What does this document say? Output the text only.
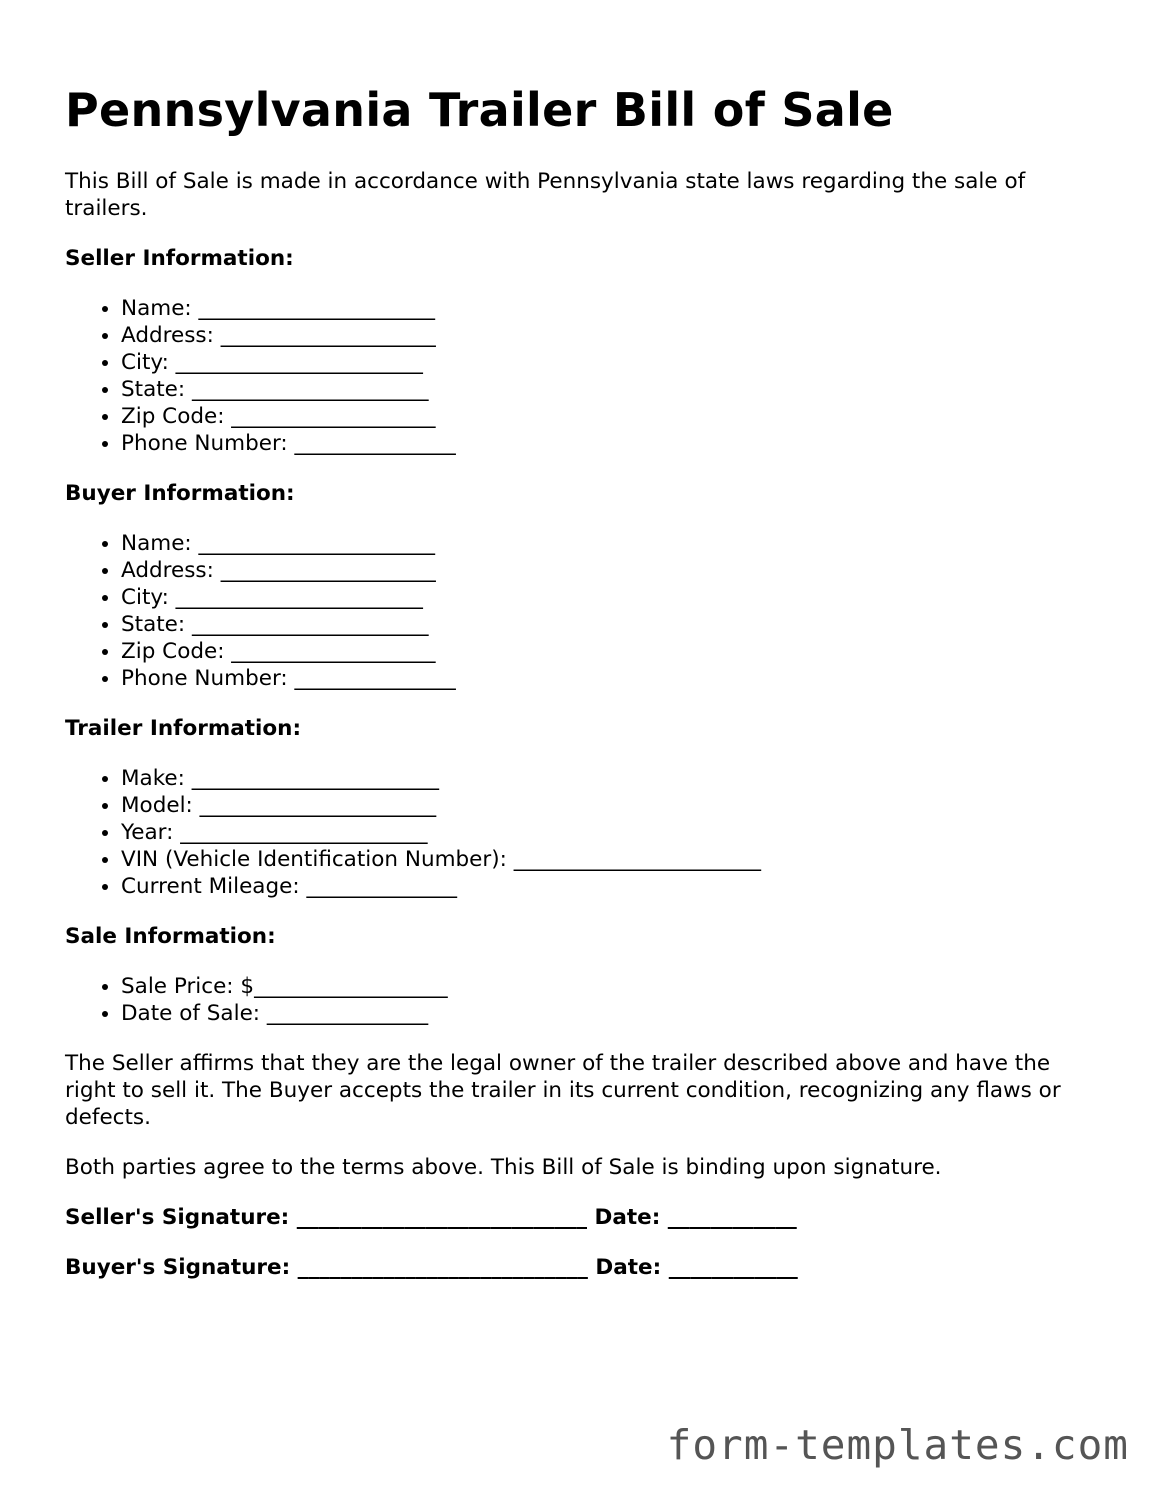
Pennsylvania Trailer Bill of Sale

This Bill of Sale is made in accordance with Pennsylvania state laws regarding the sale of trailers.

Seller Information:
• Name: ______________________
• Address: ____________________
• City: _______________________
• State: ______________________
• Zip Code: ___________________
• Phone Number: _______________
Buyer Information:
• Name: ______________________
• Address: ____________________
• City: _______________________
• State: ______________________
• Zip Code: ___________________
• Phone Number: _______________
Trailer Information:
• Make: _______________________
• Model: ______________________
• Year: _______________________
• VIN (Vehicle Identification Number): _______________________
• Current Mileage: ______________
Sale Information:
• Sale Price: $__________________
• Date of Sale: _______________

The Seller affirms that they are the legal owner of the trailer described above and have the right to sell it. The Buyer accepts the trailer in its current condition, recognizing any flaws or defects.

Both parties agree to the terms above. This Bill of Sale is binding upon signature.

Seller's Signature: ___________________________ Date: ____________
Buyer's Signature: ___________________________ Date: ____________
form-templates.com
